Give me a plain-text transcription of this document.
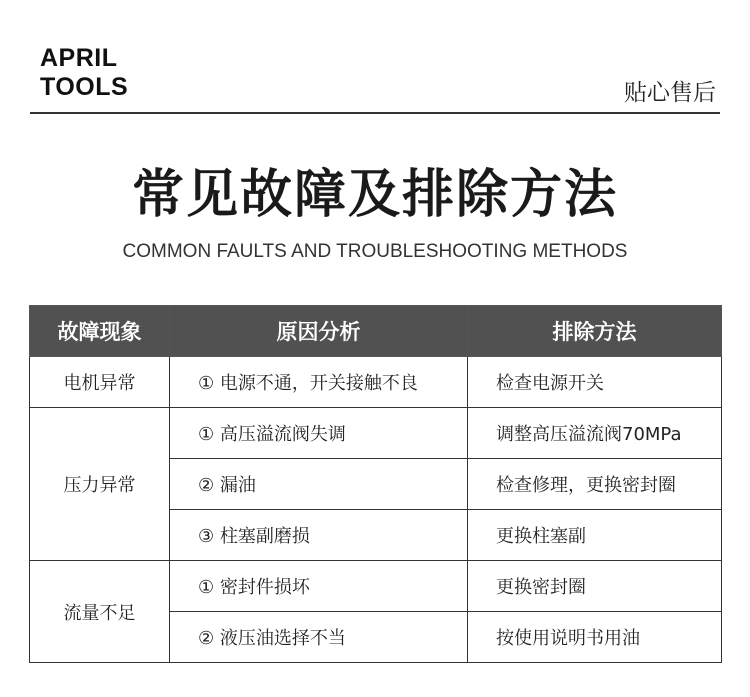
APRIL
TOOLS	贴心售后
常见故障及排除方法
COMMON FAULTS AND TROUBLESHOOTING METHODS
故障现象	原因分析	排除方法
电机异常	① 电源不通，开关接触不良	检查电源开关
压力异常	① 高压溢流阀失调	调整高压溢流阀70MPa
	② 漏油	检查修理，更换密封圈
	③ 柱塞副磨损	更换柱塞副
流量不足	① 密封件损坏	更换密封圈
	② 液压油选择不当	按使用说明书用油
